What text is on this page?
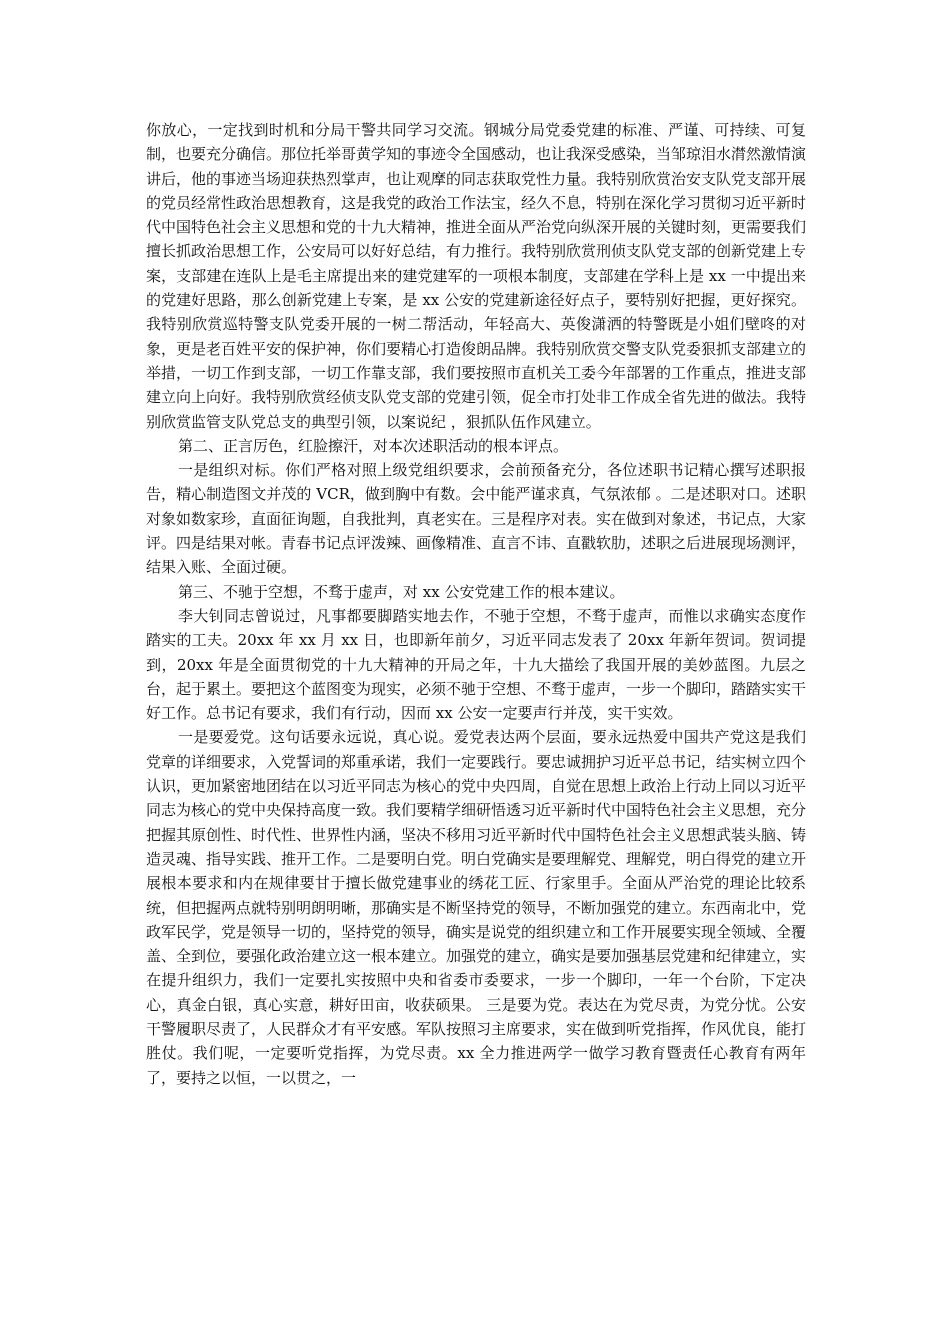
你放心，一定找到时机和分局干警共同学习交流。钢城分局党委党建的标准、严谨、可持续、可复制，也要充分确信。那位托举哥黄学知的事迹令全国感动，也让我深受感染，当邹琼泪水潸然激情演讲后，他的事迹当场迎获热烈掌声，也让观摩的同志获取党性力量。我特别欣赏治安支队党支部开展的党员经常性政治思想教育，这是我党的政治工作法宝，经久不息，特别在深化学习贯彻习近平新时代中国特色社会主义思想和党的十九大精神，推进全面从严治党向纵深开展的关键时刻，更需要我们擅长抓政治思想工作，公安局可以好好总结，有力推行。我特别欣赏刑侦支队党支部的创新党建上专案，支部建在连队上是毛主席提出来的建党建军的一项根本制度，支部建在学科上是 xx 一中提出来的党建好思路，那么创新党建上专案，是 xx 公安的党建新途径好点子，要特别好把握，更好探究。我特别欣赏巡特警支队党委开展的一树二帮活动，年轻高大、英俊潇洒的特警既是小姐们壁咚的对象，更是老百姓平安的保护神，你们要精心打造俊朗品牌。我特别欣赏交警支队党委狠抓支部建立的举措，一切工作到支部，一切工作靠支部，我们要按照市直机关工委今年部署的工作重点，推进支部建立向上向好。我特别欣赏经侦支队党支部的党建引领，促全市打处非工作成全省先进的做法。我特别欣赏监管支队党总支的典型引领，以案说纪 ，狠抓队伍作风建立。

第二、正言厉色，红脸擦汗，对本次述职活动的根本评点。

一是组织对标。你们严格对照上级党组织要求，会前预备充分，各位述职书记精心撰写述职报告，精心制造图文并茂的 VCR，做到胸中有数。会中能严谨求真，气氛浓郁 。二是述职对口。述职对象如数家珍，直面征询题，自我批判，真老实在。三是程序对表。实在做到对象述，书记点，大家评。四是结果对帐。青春书记点评泼辣、画像精准、直言不讳、直戳软肋，述职之后进展现场测评，结果入账、全面过硬。

第三、不驰于空想，不骛于虚声，对 xx 公安党建工作的根本建议。

李大钊同志曾说过，凡事都要脚踏实地去作，不驰于空想，不骛于虚声，而惟以求确实态度作踏实的工夫。20xx 年 xx 月 xx 日，也即新年前夕，习近平同志发表了 20xx 年新年贺词。贺词提到，20xx 年是全面贯彻党的十九大精神的开局之年，十九大描绘了我国开展的美妙蓝图。九层之台，起于累土。要把这个蓝图变为现实，必须不驰于空想、不骛于虚声，一步一个脚印，踏踏实实干好工作。总书记有要求，我们有行动，因而 xx 公安一定要声行并茂，实干实效。

一是要爱党。这句话要永远说，真心说。爱党表达两个层面，要永远热爱中国共产党这是我们党章的详细要求，入党誓词的郑重承诺，我们一定要践行。要忠诚拥护习近平总书记，结实树立四个认识，更加紧密地团结在以习近平同志为核心的党中央四周，自觉在思想上政治上行动上同以习近平同志为核心的党中央保持高度一致。我们要精学细研悟透习近平新时代中国特色社会主义思想，充分把握其原创性、时代性、世界性内涵，坚决不移用习近平新时代中国特色社会主义思想武装头脑、铸造灵魂、指导实践、推开工作。二是要明白党。明白党确实是要理解党、理解党，明白得党的建立开展根本要求和内在规律要甘于擅长做党建事业的绣花工匠、行家里手。全面从严治党的理论比较系统，但把握两点就特别明朗明晰，那确实是不断坚持党的领导，不断加强党的建立。东西南北中，党政军民学，党是领导一切的，坚持党的领导，确实是说党的组织建立和工作开展要实现全领域、全覆盖、全到位，要强化政治建立这一根本建立。加强党的建立，确实是要加强基层党建和纪律建立，实在提升组织力，我们一定要扎实按照中央和省委市委要求，一步一个脚印，一年一个台阶，下定决心，真金白银，真心实意，耕好田亩，收获硕果。 三是要为党。表达在为党尽责，为党分忧。公安干警履职尽责了，人民群众才有平安感。军队按照习主席要求，实在做到听党指挥，作风优良，能打胜仗。我们呢，一定要听党指挥，为党尽责。xx 全力推进两学一做学习教育暨责任心教育有两年了，要持之以恒，一以贯之，一
